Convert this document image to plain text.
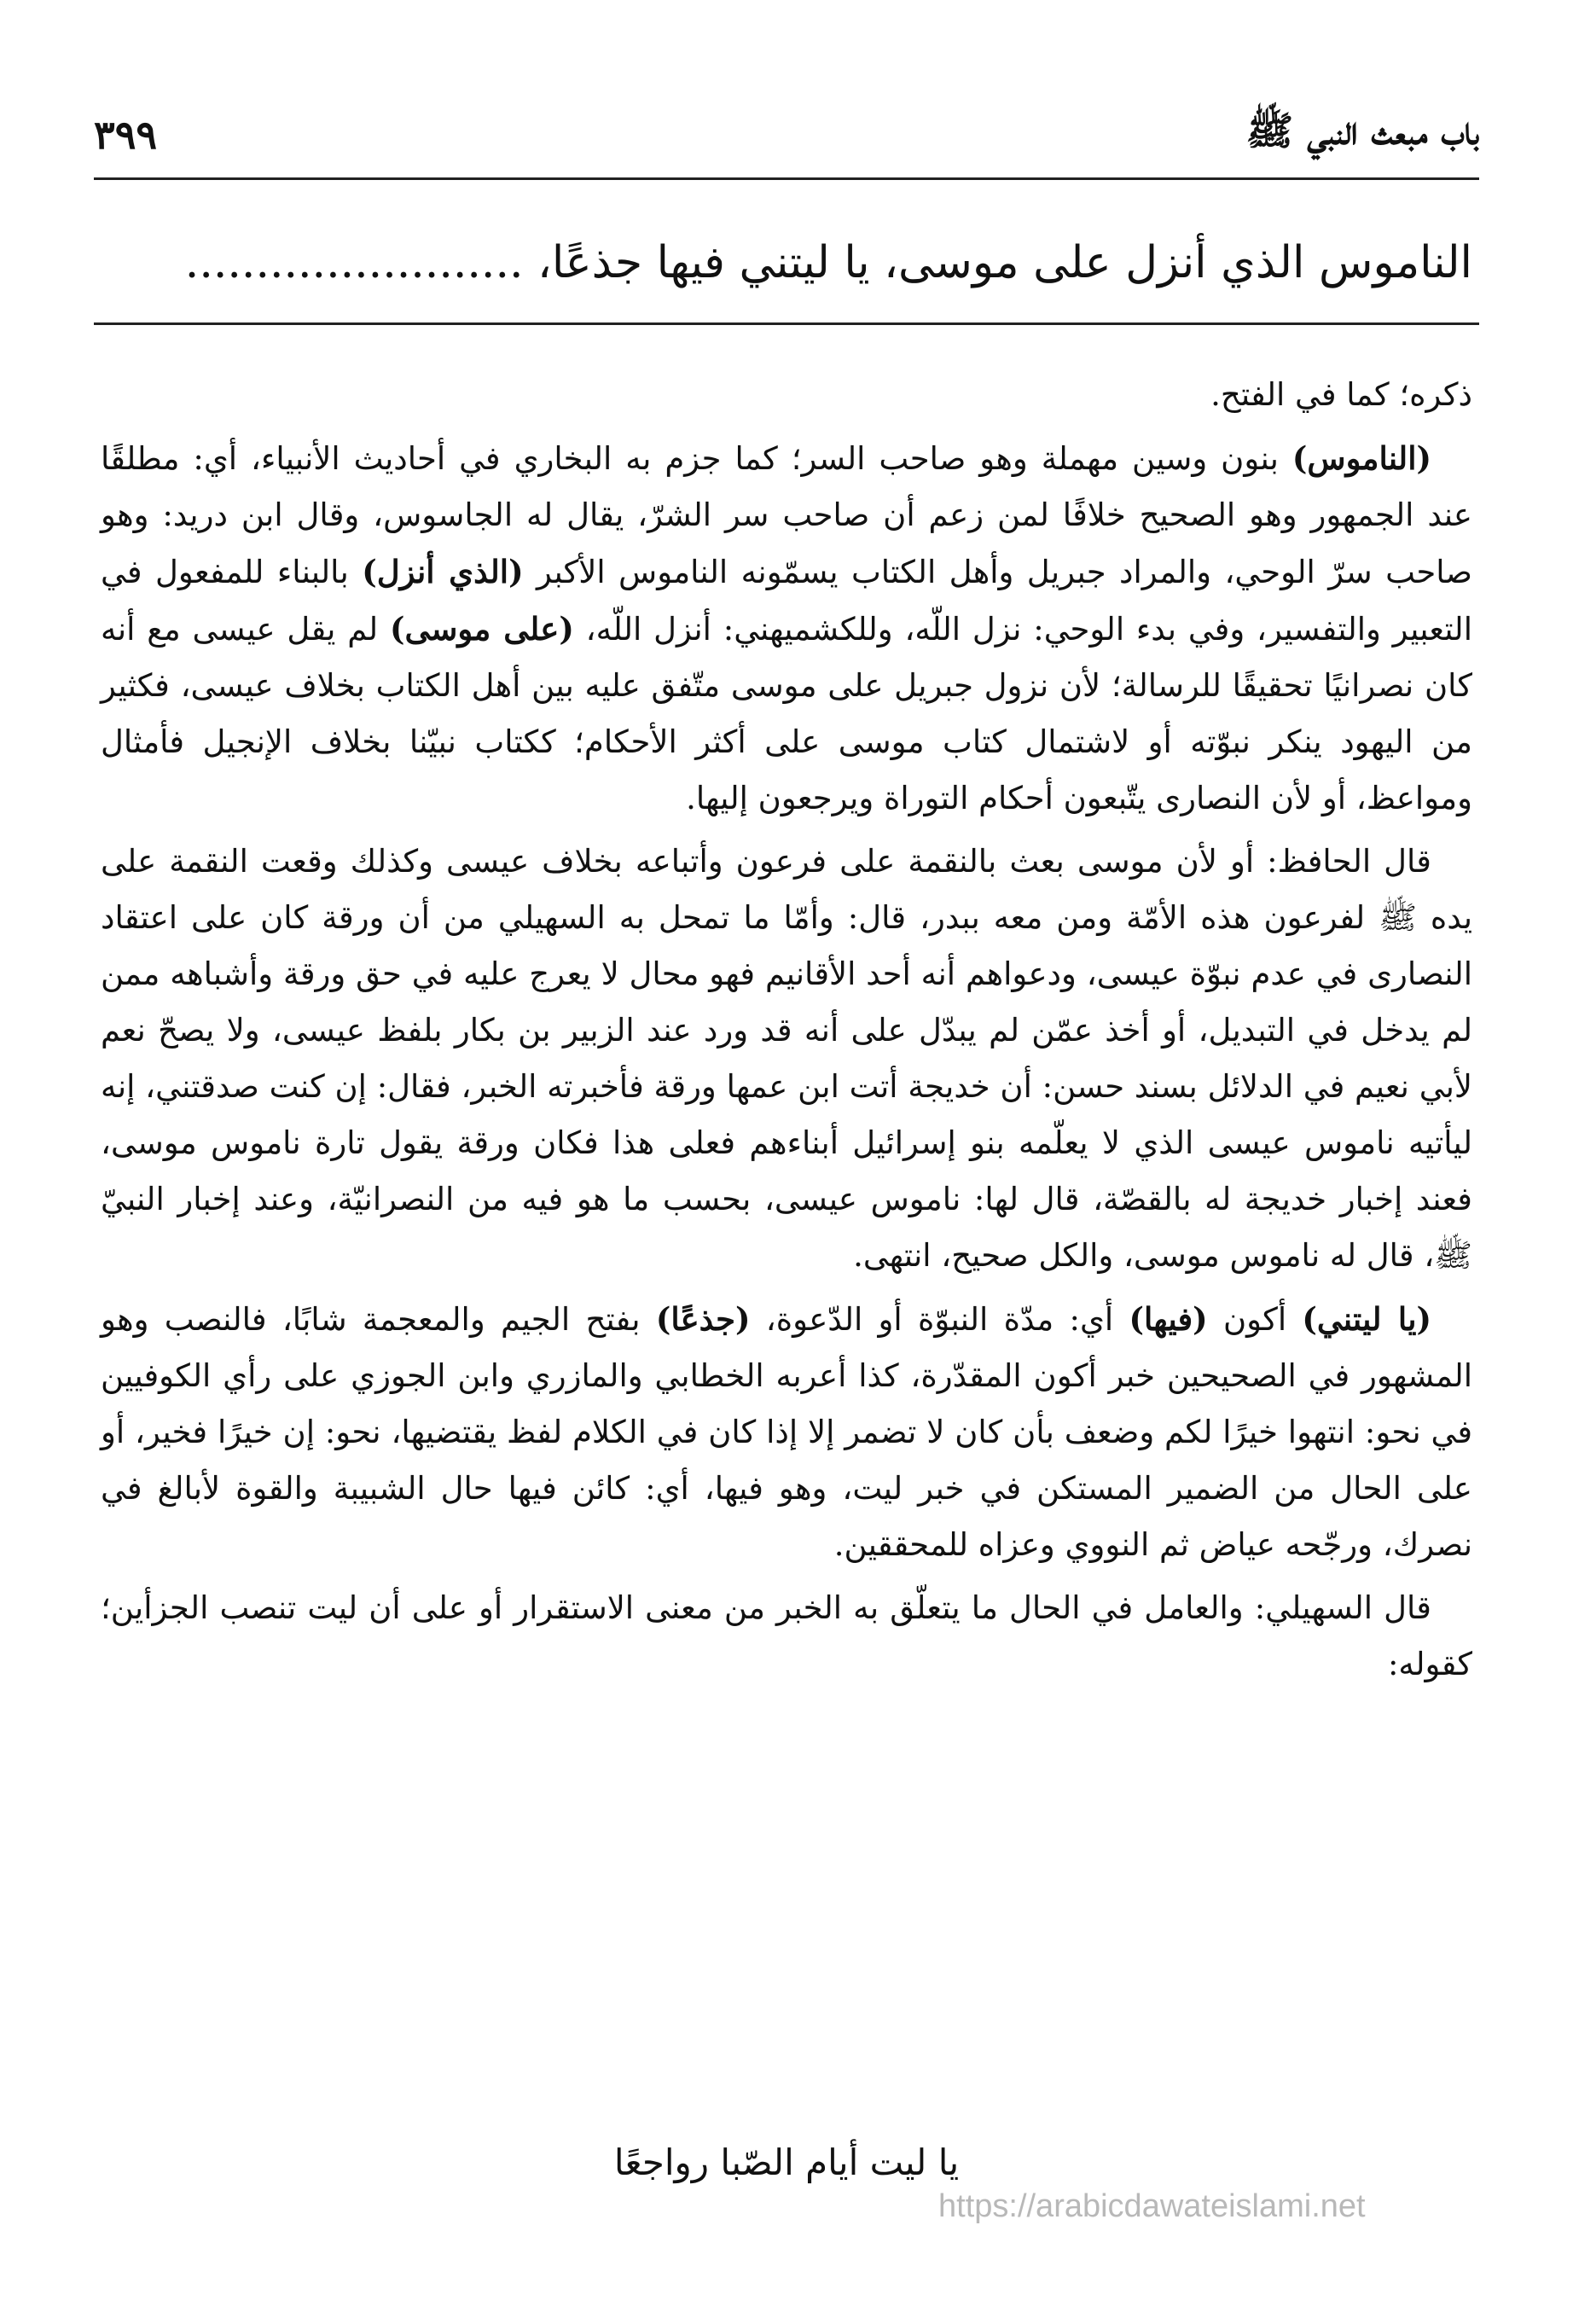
باب مبعث النبي ﷺ
٣٩٩
الناموس الذي أنزل على موسى، يا ليتني فيها جذعًا، ........................

ذكره؛ كما في الفتح.

(الناموس) بنون وسين مهملة وهو صاحب السر؛ كما جزم به البخاري في أحاديث الأنبياء، أي: مطلقًا عند الجمهور وهو الصحيح خلافًا لمن زعم أن صاحب سر الشرّ، يقال له الجاسوس، وقال ابن دريد: وهو صاحب سرّ الوحي، والمراد جبريل وأهل الكتاب يسمّونه الناموس الأكبر (الذي أنزل) بالبناء للمفعول في التعبير والتفسير، وفي بدء الوحي: نزل اللّه، وللكشميهني: أنزل اللّه، (على موسى) لم يقل عيسى مع أنه كان نصرانيًا تحقيقًا للرسالة؛ لأن نزول جبريل على موسى متّفق عليه بين أهل الكتاب بخلاف عيسى، فكثير من اليهود ينكر نبوّته أو لاشتمال كتاب موسى على أكثر الأحكام؛ ككتاب نبيّنا بخلاف الإنجيل فأمثال ومواعظ، أو لأن النصارى يتّبعون أحكام التوراة ويرجعون إليها.

قال الحافظ: أو لأن موسى بعث بالنقمة على فرعون وأتباعه بخلاف عيسى وكذلك وقعت النقمة على يده ﷺ لفرعون هذه الأمّة ومن معه ببدر، قال: وأمّا ما تمحل به السهيلي من أن ورقة كان على اعتقاد النصارى في عدم نبوّة عيسى، ودعواهم أنه أحد الأقانيم فهو محال لا يعرج عليه في حق ورقة وأشباهه ممن لم يدخل في التبديل، أو أخذ عمّن لم يبدّل على أنه قد ورد عند الزبير بن بكار بلفظ عيسى، ولا يصحّ نعم لأبي نعيم في الدلائل بسند حسن: أن خديجة أتت ابن عمها ورقة فأخبرته الخبر، فقال: إن كنت صدقتني، إنه ليأتيه ناموس عيسى الذي لا يعلّمه بنو إسرائيل أبناءهم فعلى هذا فكان ورقة يقول تارة ناموس موسى، فعند إخبار خديجة له بالقصّة، قال لها: ناموس عيسى، بحسب ما هو فيه من النصرانيّة، وعند إخبار النبيّ ﷺ، قال له ناموس موسى، والكل صحيح، انتهى.

(يا ليتني) أكون (فيها) أي: مدّة النبوّة أو الدّعوة، (جذعًا) بفتح الجيم والمعجمة شابًا، فالنصب وهو المشهور في الصحيحين خبر أكون المقدّرة، كذا أعربه الخطابي والمازري وابن الجوزي على رأي الكوفيين في نحو: انتهوا خيرًا لكم وضعف بأن كان لا تضمر إلا إذا كان في الكلام لفظ يقتضيها، نحو: إن خيرًا فخير، أو على الحال من الضمير المستكن في خبر ليت، وهو فيها، أي: كائن فيها حال الشبيبة والقوة لأبالغ في نصرك، ورجّحه عياض ثم النووي وعزاه للمحققين.

قال السهيلي: والعامل في الحال ما يتعلّق به الخبر من معنى الاستقرار أو على أن ليت تنصب الجزأين؛ كقوله:

يا ليت أيام الصّبا رواجعًا
https://arabicdawateislami.net
